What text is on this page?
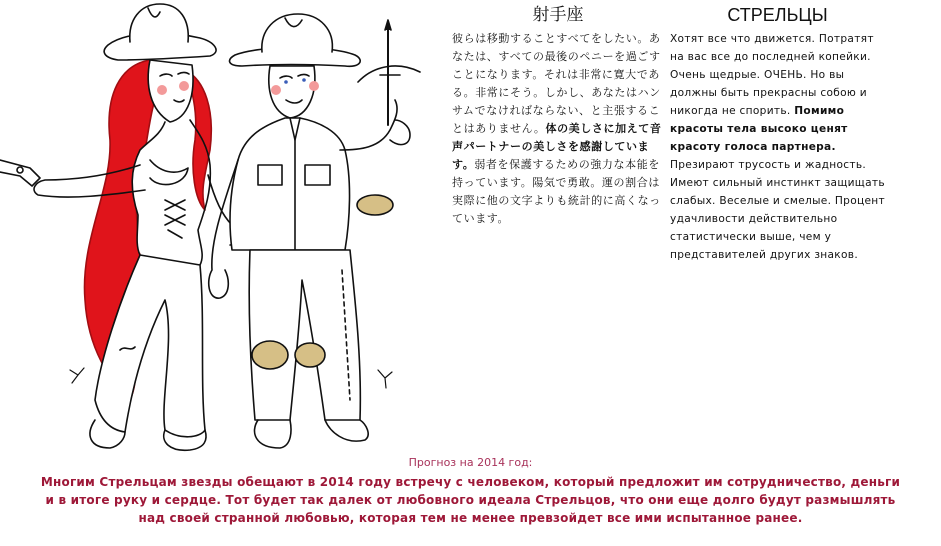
射手座
彼らは移動することすべてをしたい。あなたは、すべての最後のペニーを過ごすことになります。それは非常に寛大である。非常にそう。しかし、あなたはハンサムでなければならない、と主張することはありません。体の美しさに加えて音声パートナーの美しさを感謝しています。弱者を保護するための強力な本能を持っています。陽気で勇敢。運の割合は実際に他の文字よりも統計的に高くなっています。
СТРЕЛЬЦЫ
Хотят все что движется. Потратят на вас все до последней копейки. Очень щедрые. ОЧЕНЬ. Но вы должны быть прекрасны собою и никогда не спорить. Помимо красоты тела высоко ценят красоту голоса партнера. Презирают трусость и жадность. Имеют сильный инстинкт защищать слабых. Веселые и смелые. Процент удачливости действительно статистически выше, чем у представителей других знаков.
Прогноз на 2014 год:
Многим Стрельцам звезды обещают в 2014 году встречу с человеком, который предложит им сотрудничество, деньги и в итоге руку и сердце. Тот будет так далек от любовного идеала Стрельцов, что они еще долго будут размышлять над своей странной любовью, которая тем не менее превзойдет все ими испытанное ранее.
